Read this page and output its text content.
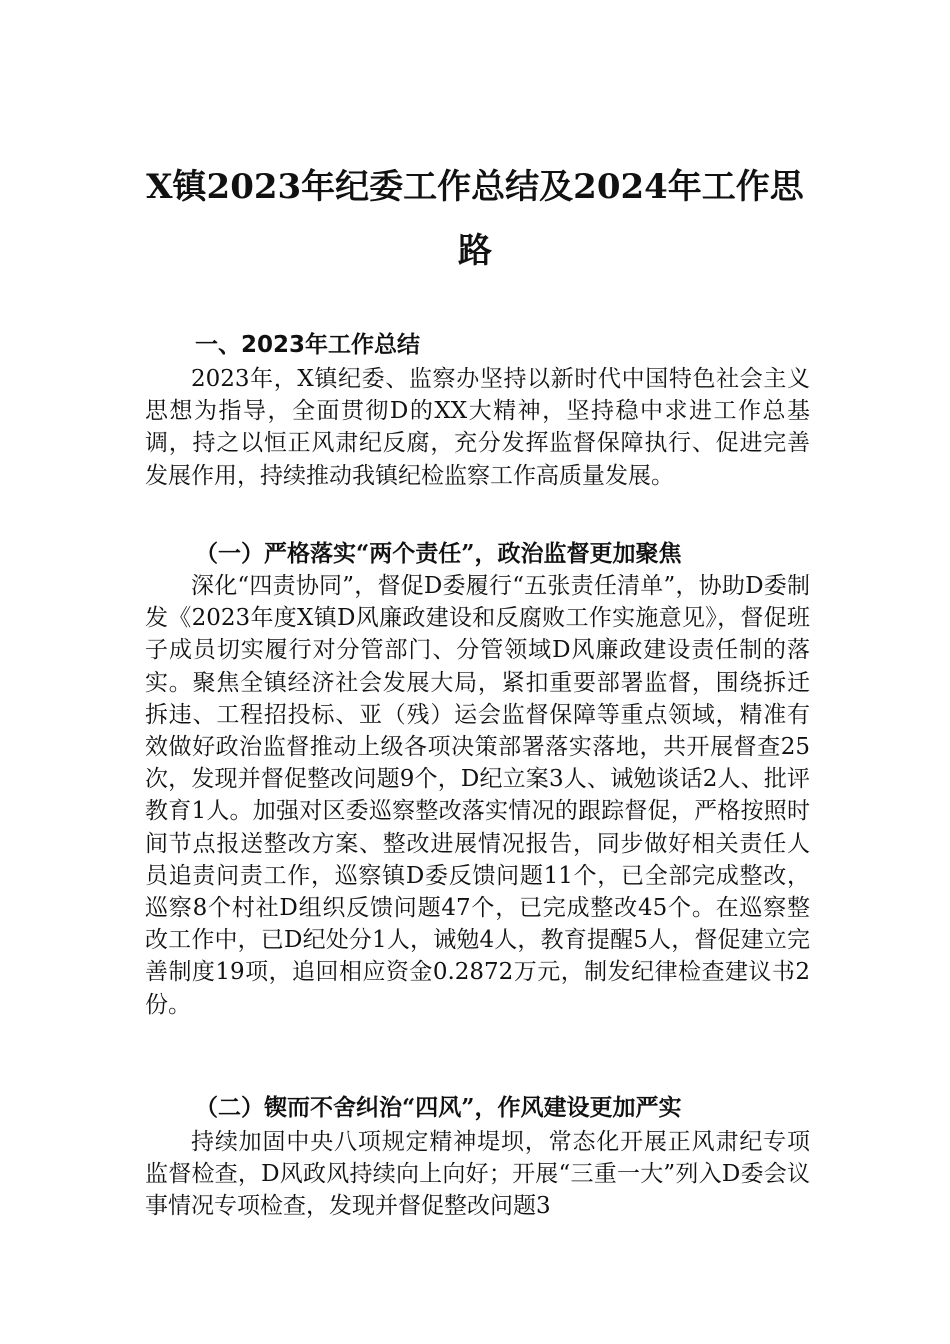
X镇2023年纪委工作总结及2024年工作思
路
一、2023年工作总结

2023年，X镇纪委、监察办坚持以新时代中国特色社会主义思想为指导，全面贯彻D的XX大精神，坚持稳中求进工作总基调，持之以恒正风肃纪反腐，充分发挥监督保障执行、促进完善发展作用，持续推动我镇纪检监察工作高质量发展。

（一）严格落实“两个责任”，政治监督更加聚焦

深化“四责协同”，督促D委履行“五张责任清单”，协助D委制发《2023年度X镇D风廉政建设和反腐败工作实施意见》，督促班子成员切实履行对分管部门、分管领域D风廉政建设责任制的落实。聚焦全镇经济社会发展大局，紧扣重要部署监督，围绕拆迁拆违、工程招投标、亚（残）运会监督保障等重点领域，精准有效做好政治监督推动上级各项决策部署落实落地，共开展督查25次，发现并督促整改问题9个，D纪立案3人、诫勉谈话2人、批评教育1人。加强对区委巡察整改落实情况的跟踪督促，严格按照时间节点报送整改方案、整改进展情况报告，同步做好相关责任人员追责问责工作，巡察镇D委反馈问题11个，已全部完成整改，巡察8个村社D组织反馈问题47个，已完成整改45个。在巡察整改工作中，已D纪处分1人，诫勉4人，教育提醒5人，督促建立完善制度19项，追回相应资金0.2872万元，制发纪律检查建议书2份。

（二）锲而不舍纠治“四风”，作风建设更加严实

持续加固中央八项规定精神堤坝，常态化开展正风肃纪专项监督检查，D风政风持续向上向好；开展“三重一大”列入D委会议事情况专项检查，发现并督促整改问题3
